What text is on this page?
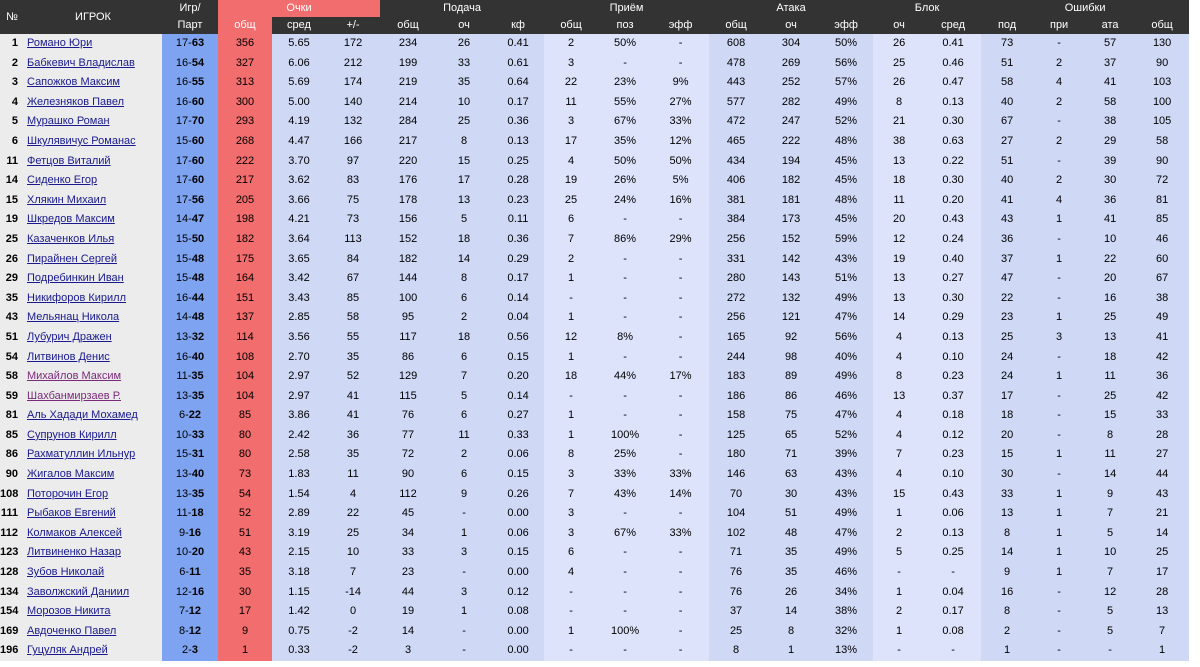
№	ИГРОК	Игр/	Очки			Подача			Приём			Атака			Блок		Ошибки			
		Парт	общ	сред	+/-	общ	оч	кф	общ	поз	эфф	общ	оч	эфф	оч	сред	под	при	ата	общ
1	Романо Юри	17-63	356	5.65	172	234	26	0.41	2	50%	-	608	304	50%	26	0.41	73	-	57	130
2	Бабкевич Владислав	16-54	327	6.06	212	199	33	0.61	3	-	-	478	269	56%	25	0.46	51	2	37	90
3	Сапожков Максим	16-55	313	5.69	174	219	35	0.64	22	23%	9%	443	252	57%	26	0.47	58	4	41	103
4	Железняков Павел	16-60	300	5.00	140	214	10	0.17	11	55%	27%	577	282	49%	8	0.13	40	2	58	100
5	Мурашко Роман	17-70	293	4.19	132	284	25	0.36	3	67%	33%	472	247	52%	21	0.30	67	-	38	105
6	Шкулявичус Романас	15-60	268	4.47	166	217	8	0.13	17	35%	12%	465	222	48%	38	0.63	27	2	29	58
11	Фетцов Виталий	17-60	222	3.70	97	220	15	0.25	4	50%	50%	434	194	45%	13	0.22	51	-	39	90
14	Сиденко Егор	17-60	217	3.62	83	176	17	0.28	19	26%	5%	406	182	45%	18	0.30	40	2	30	72
15	Хлякин Михаил	17-56	205	3.66	75	178	13	0.23	25	24%	16%	381	181	48%	11	0.20	41	4	36	81
19	Шкредов Максим	14-47	198	4.21	73	156	5	0.11	6	-	-	384	173	45%	20	0.43	43	1	41	85
25	Казаченков Илья	15-50	182	3.64	113	152	18	0.36	7	86%	29%	256	152	59%	12	0.24	36	-	10	46
26	Пирайнен Сергей	15-48	175	3.65	84	182	14	0.29	2	-	-	331	142	43%	19	0.40	37	1	22	60
29	Подребинкин Иван	15-48	164	3.42	67	144	8	0.17	1	-	-	280	143	51%	13	0.27	47	-	20	67
35	Никифоров Кирилл	16-44	151	3.43	85	100	6	0.14	-	-	-	272	132	49%	13	0.30	22	-	16	38
43	Мельянац Никола	14-48	137	2.85	58	95	2	0.04	1	-	-	256	121	47%	14	0.29	23	1	25	49
51	Лубурич Дражен	13-32	114	3.56	55	117	18	0.56	12	8%	-	165	92	56%	4	0.13	25	3	13	41
54	Литвинов Денис	16-40	108	2.70	35	86	6	0.15	1	-	-	244	98	40%	4	0.10	24	-	18	42
58	Михайлов Максим	11-35	104	2.97	52	129	7	0.20	18	44%	17%	183	89	49%	8	0.23	24	1	11	36
59	Шахбанмирзаев Р.	13-35	104	2.97	41	115	5	0.14	-	-	-	186	86	46%	13	0.37	17	-	25	42
81	Аль Хадади Мохамед	6-22	85	3.86	41	76	6	0.27	1	-	-	158	75	47%	4	0.18	18	-	15	33
85	Супрунов Кирилл	10-33	80	2.42	36	77	11	0.33	1	100%	-	125	65	52%	4	0.12	20	-	8	28
86	Рахматуллин Ильнур	15-31	80	2.58	35	72	2	0.06	8	25%	-	180	71	39%	7	0.23	15	1	11	27
90	Жигалов Максим	13-40	73	1.83	11	90	6	0.15	3	33%	33%	146	63	43%	4	0.10	30	-	14	44
108	Поторочин Егор	13-35	54	1.54	4	112	9	0.26	7	43%	14%	70	30	43%	15	0.43	33	1	9	43
111	Рыбаков Евгений	11-18	52	2.89	22	45	-	0.00	3	-	-	104	51	49%	1	0.06	13	1	7	21
112	Колмаков Алексей	9-16	51	3.19	25	34	1	0.06	3	67%	33%	102	48	47%	2	0.13	8	1	5	14
123	Литвиненко Назар	10-20	43	2.15	10	33	3	0.15	6	-	-	71	35	49%	5	0.25	14	1	10	25
128	Зубов Николай	6-11	35	3.18	7	23	-	0.00	4	-	-	76	35	46%	-	-	9	1	7	17
134	Заволжский Даниил	12-16	30	1.15	-14	44	3	0.12	-	-	-	76	26	34%	1	0.04	16	-	12	28
154	Морозов Никита	7-12	17	1.42	0	19	1	0.08	-	-	-	37	14	38%	2	0.17	8	-	5	13
169	Авдоченко Павел	8-12	9	0.75	-2	14	-	0.00	1	100%	-	25	8	32%	1	0.08	2	-	5	7
196	Гуцуляк Андрей	2-3	1	0.33	-2	3	-	0.00	-	-	-	8	1	13%	-	-	1	-	-	1
